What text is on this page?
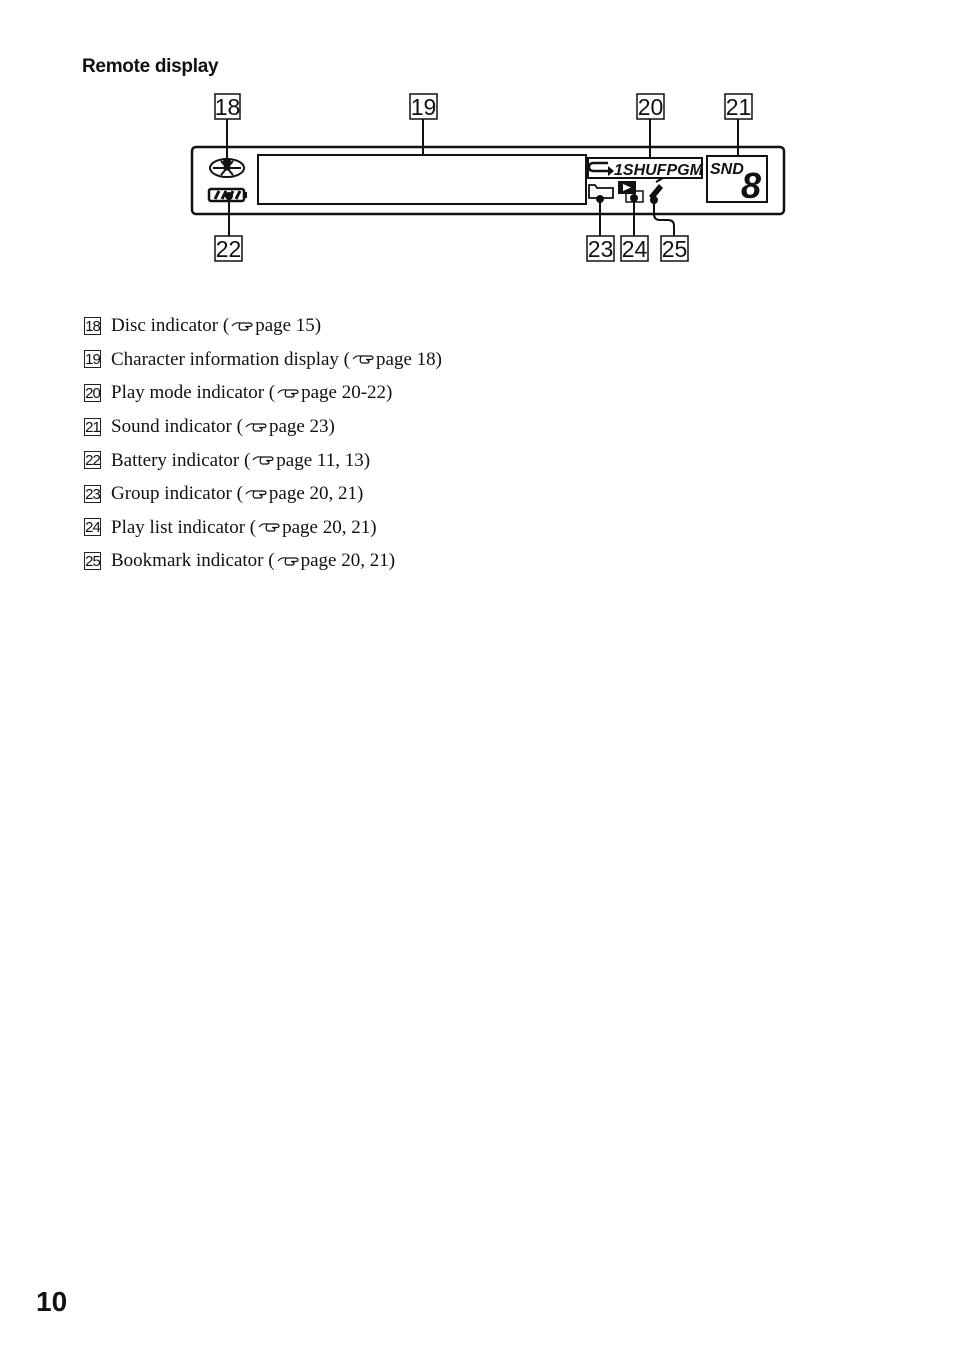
Remote display
18	19	20	21
22	23 24 25
1SHUFPGM SND
8
18 Disc indicator ( page 15)
19 Character information display ( page 18)
20 Play mode indicator ( page 20-22)
21 Sound indicator ( page 23)
22 Battery indicator ( page 11, 13)
23 Group indicator ( page 20, 21)
24 Play list indicator ( page 20, 21)
25 Bookmark indicator ( page 20, 21)
10
